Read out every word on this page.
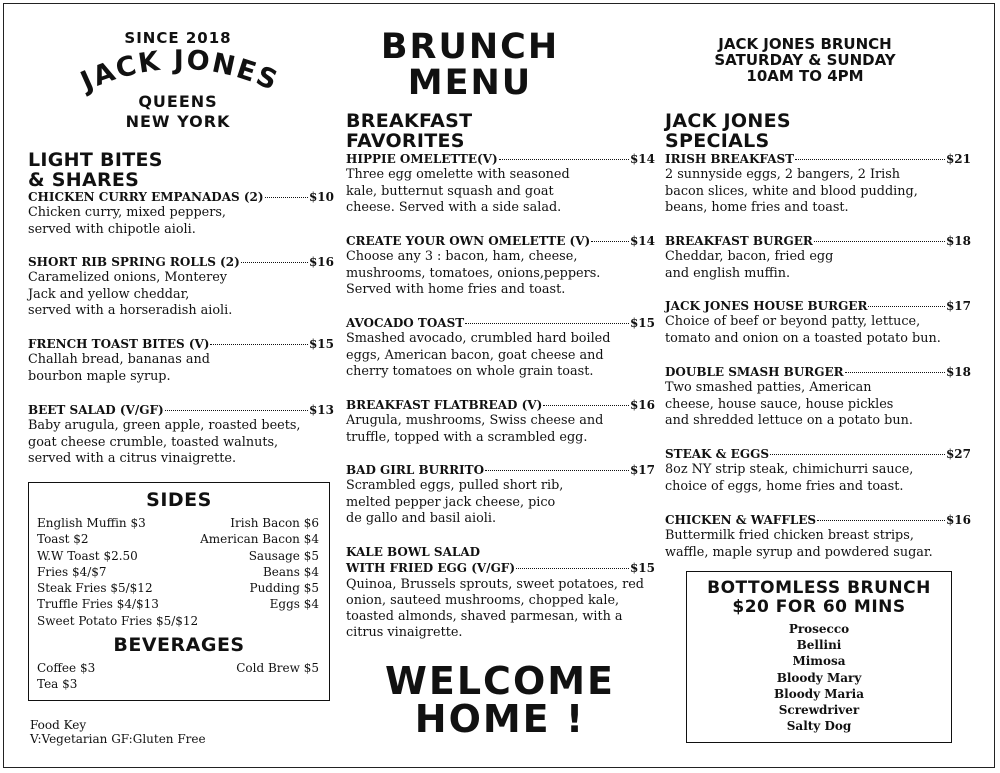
SINCE 2018
JACK JONES
QUEENS
NEW YORK
BRUNCH
MENU
JACK JONES BRUNCH
SATURDAY & SUNDAY
10AM TO 4PM
LIGHT BITES
& SHARES
CHICKEN CURRY EMPANADAS (2)	$10
Chicken curry, mixed peppers,
served with chipotle aioli.
SHORT RIB SPRING ROLLS (2)	$16
Caramelized onions, Monterey
Jack and yellow cheddar,
served with a horseradish aioli.
FRENCH TOAST BITES (V)	$15
Challah bread, bananas and
bourbon maple syrup.
BEET SALAD (V/GF)	$13
Baby arugula, green apple, roasted beets,
goat cheese crumble, toasted walnuts,
served with a citrus vinaigrette.
SIDES
English Muffin $3
Toast $2
W.W Toast $2.50
Fries $4/$7
Steak Fries $5/$12
Truffle Fries $4/$13
Sweet Potato Fries $5/$12
Irish Bacon $6
American Bacon $4
Sausage $5
Beans $4
Pudding $5
Eggs $4
BEVERAGES
Coffee $3
Tea $3
Cold Brew $5
Food Key
V:Vegetarian GF:Gluten Free
BREAKFAST
FAVORITES
HIPPIE OMELETTE(V)	$14
Three egg omelette with seasoned
kale, butternut squash and goat
cheese. Served with a side salad.
CREATE YOUR OWN OMELETTE (V)	$14
Choose any 3 : bacon, ham, cheese,
mushrooms, tomatoes, onions,peppers.
Served with home fries and toast.
AVOCADO TOAST	$15
Smashed avocado, crumbled hard boiled
eggs, American bacon, goat cheese and
cherry tomatoes on whole grain toast.
BREAKFAST FLATBREAD (V)	$16
Arugula, mushrooms, Swiss cheese and
truffle, topped with a scrambled egg.
BAD GIRL BURRITO	$17
Scrambled eggs, pulled short rib,
melted pepper jack cheese, pico
de gallo and basil aioli.
KALE BOWL SALAD
WITH FRIED EGG (V/GF)	$15
Quinoa, Brussels sprouts, sweet potatoes, red
onion, sauteed mushrooms, chopped kale,
toasted almonds, shaved parmesan, with a
citrus vinaigrette.
WELCOME
HOME !
JACK JONES
SPECIALS
IRISH BREAKFAST	$21
2 sunnyside eggs, 2 bangers, 2 Irish
bacon slices, white and blood pudding,
beans, home fries and toast.
BREAKFAST BURGER	$18
Cheddar, bacon, fried egg
and english muffin.
JACK JONES HOUSE BURGER	$17
Choice of beef or beyond patty, lettuce,
tomato and onion on a toasted potato bun.
DOUBLE SMASH BURGER	$18
Two smashed patties, American
cheese, house sauce, house pickles
and shredded lettuce on a potato bun.
STEAK & EGGS	$27
8oz NY strip steak, chimichurri sauce,
choice of eggs, home fries and toast.
CHICKEN & WAFFLES	$16
Buttermilk fried chicken breast strips,
waffle, maple syrup and powdered sugar.
BOTTOMLESS BRUNCH
$20 FOR 60 MINS
Prosecco
Bellini
Mimosa
Bloody Mary
Bloody Maria
Screwdriver
Salty Dog
